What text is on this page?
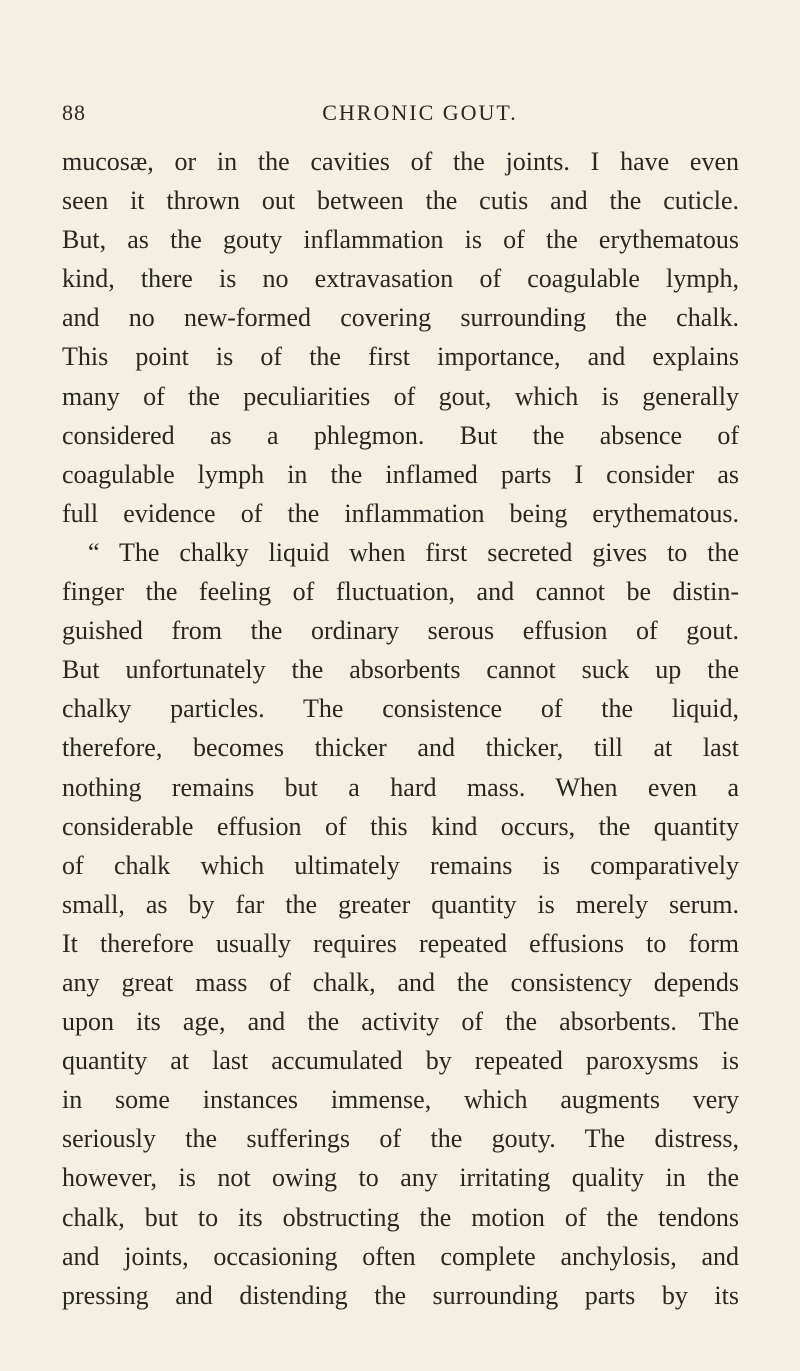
88	CHRONIC GOUT.
mucosæ, or in the cavities of the joints. I have even
seen it thrown out between the cutis and the cuticle.
But, as the gouty inflammation is of the erythematous
kind, there is no extravasation of coagulable lymph,
and no new-formed covering surrounding the chalk.
This point is of the first importance, and explains
many of the peculiarities of gout, which is generally
considered as a phlegmon. But the absence of
coagulable lymph in the inflamed parts I consider as
full evidence of the inflammation being erythematous.
“ The chalky liquid when first secreted gives to the
finger the feeling of fluctuation, and cannot be distin-
guished from the ordinary serous effusion of gout.
But unfortunately the absorbents cannot suck up the
chalky particles. The consistence of the liquid,
therefore, becomes thicker and thicker, till at last
nothing remains but a hard mass. When even a
considerable effusion of this kind occurs, the quantity
of chalk which ultimately remains is comparatively
small, as by far the greater quantity is merely serum.
It therefore usually requires repeated effusions to form
any great mass of chalk, and the consistency depends
upon its age, and the activity of the absorbents. The
quantity at last accumulated by repeated paroxysms is
in some instances immense, which augments very
seriously the sufferings of the gouty. The distress,
however, is not owing to any irritating quality in the
chalk, but to its obstructing the motion of the tendons
and joints, occasioning often complete anchylosis, and
pressing and distending the surrounding parts by its
